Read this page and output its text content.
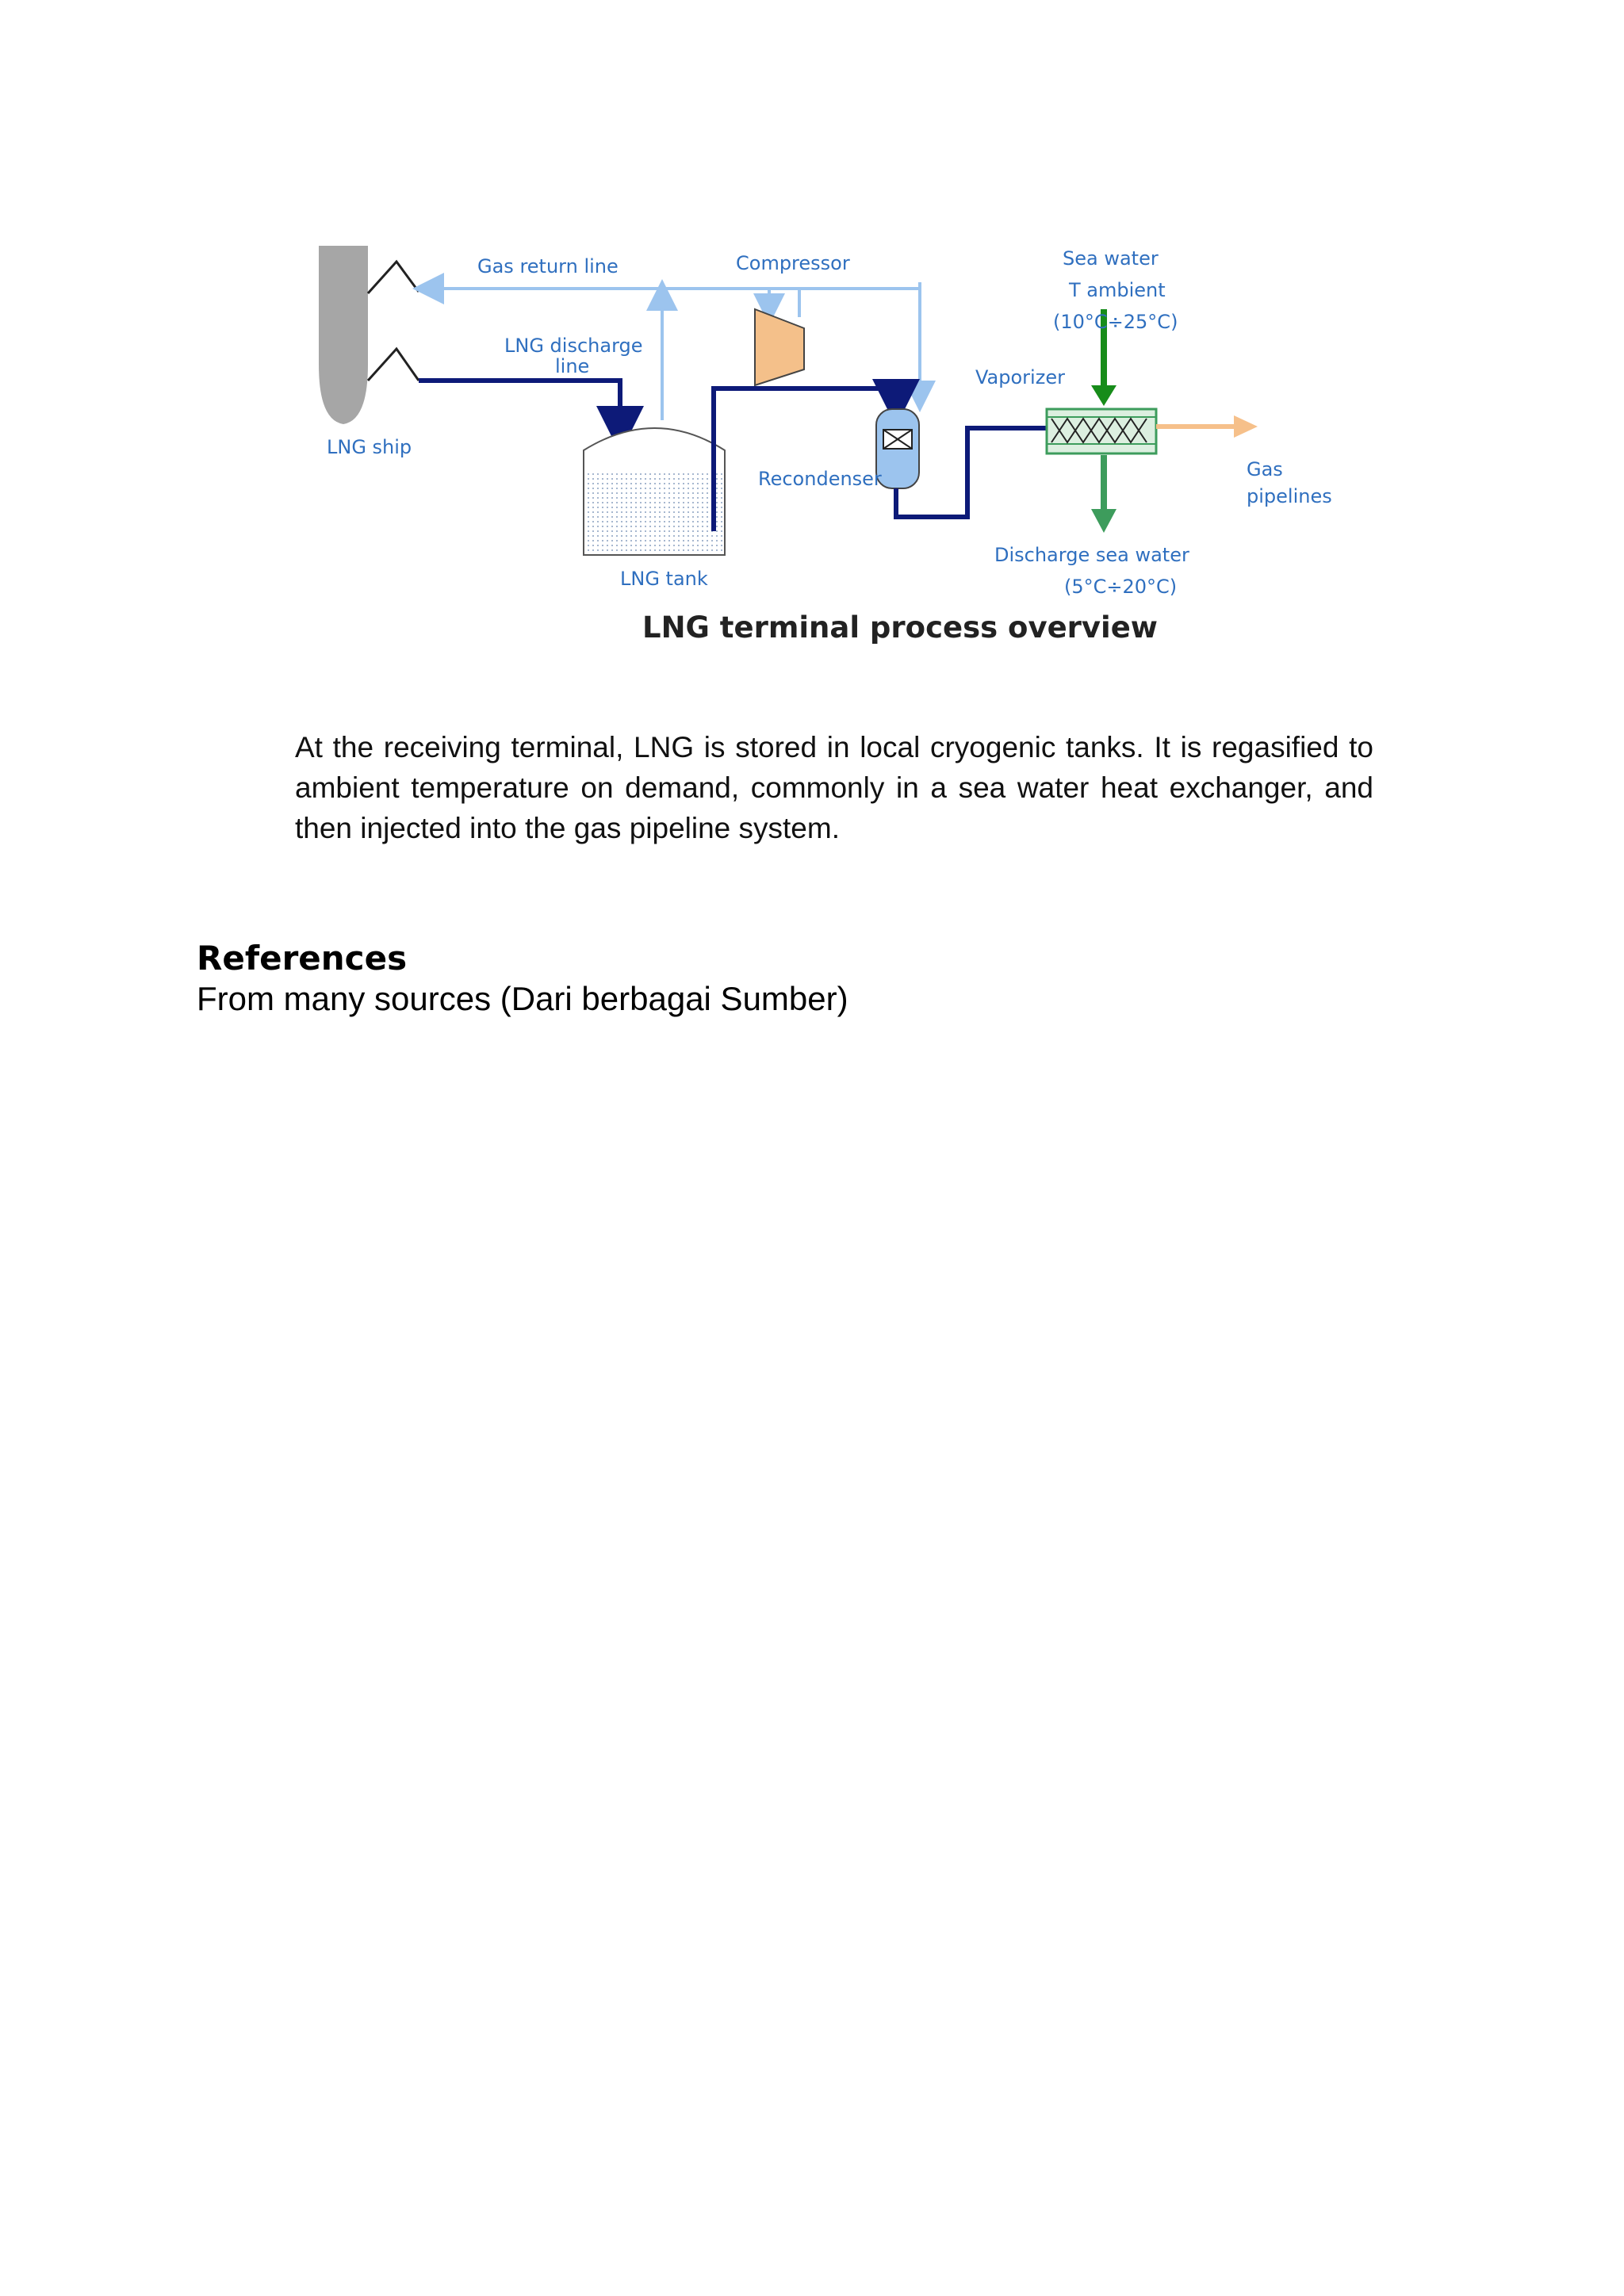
Gas return line	Compressor	Sea water
T ambient
(10°C÷25°C)
LNG discharge
line	Vaporizer
LNG ship
Recondenser	Gas
pipelines
LNG tank
Discharge sea water
(5°C÷20°C)
LNG terminal process overview

At the receiving terminal, LNG is stored in local cryogenic tanks. It is regasified to ambient temperature on demand, commonly in a sea water heat exchanger, and then injected into the gas pipeline system.

References
From many sources (Dari berbagai Sumber)
